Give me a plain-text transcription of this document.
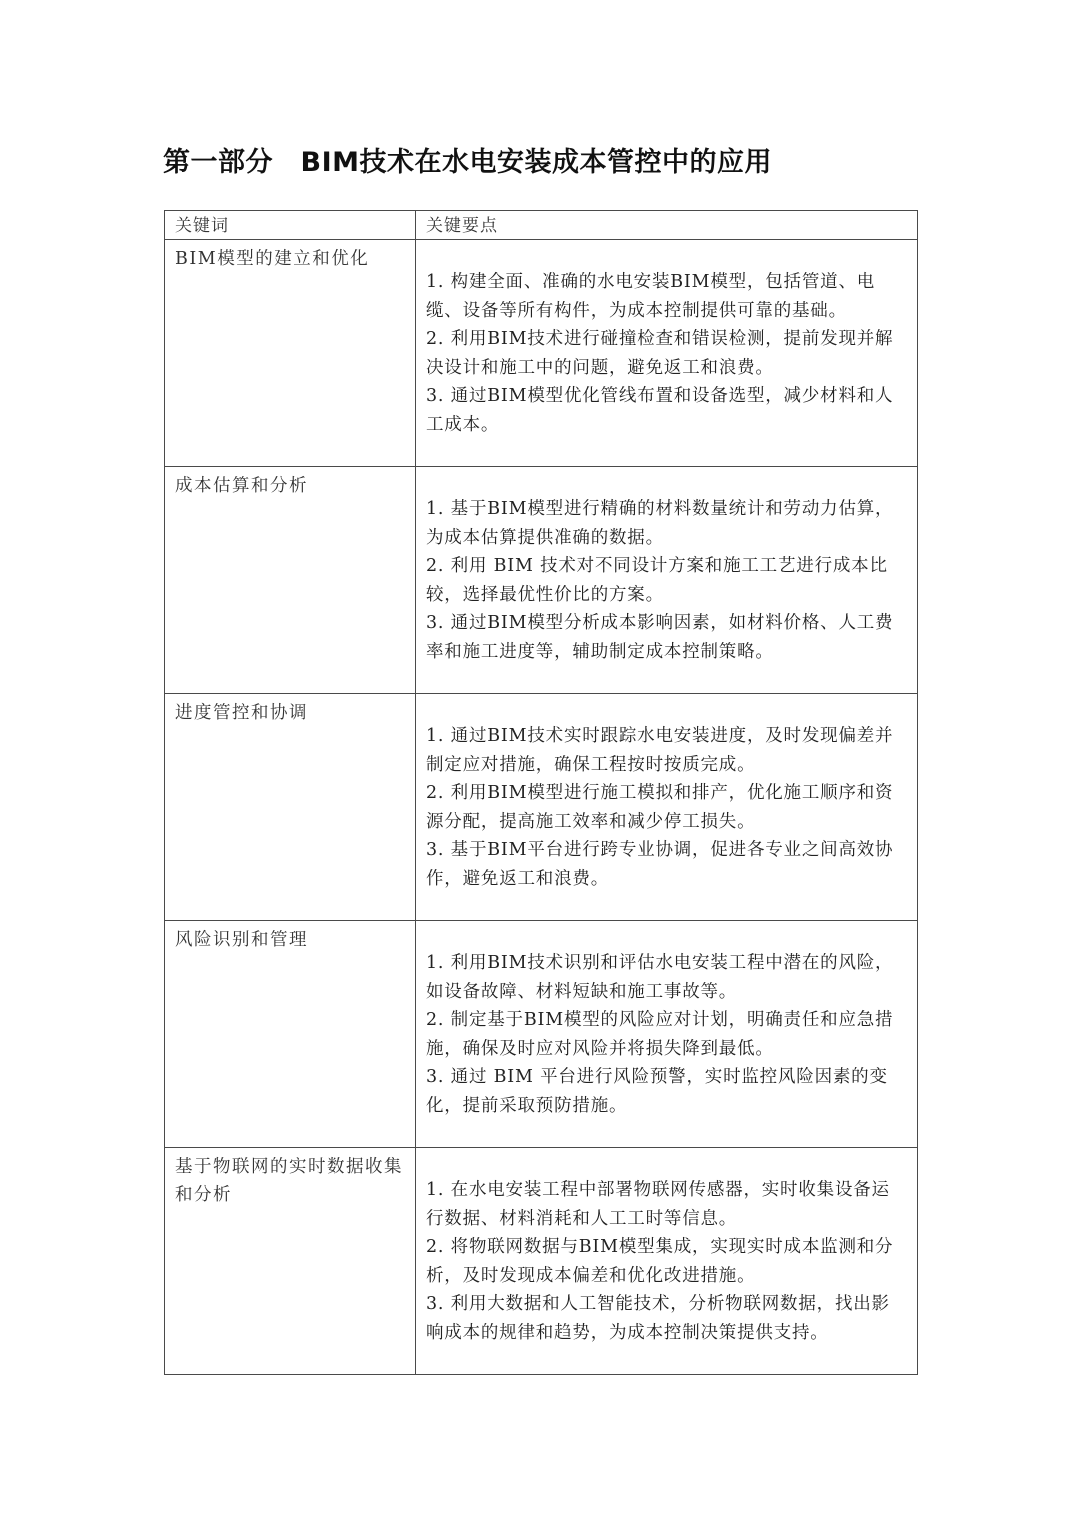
第一部分　BIM技术在水电安装成本管控中的应用
关键词	关键要点
BIM模型的建立和优化	1. 构建全面、准确的水电安装BIM模型，包括管道、电缆、设备等所有构件，为成本控制提供可靠的基础。

2. 利用BIM技术进行碰撞检查和错误检测，提前发现并解决设计和施工中的问题，避免返工和浪费。

3. 通过BIM模型优化管线布置和设备选型，减少材料和人工成本。

成本估算和分析	1. 基于BIM模型进行精确的材料数量统计和劳动力估算，为成本估算提供准确的数据。

2. 利用 BIM 技术对不同设计方案和施工工艺进行成本比较，选择最优性价比的方案。

3. 通过BIM模型分析成本影响因素，如材料价格、人工费率和施工进度等，辅助制定成本控制策略。

进度管控和协调	1. 通过BIM技术实时跟踪水电安装进度，及时发现偏差并制定应对措施，确保工程按时按质完成。

2. 利用BIM模型进行施工模拟和排产，优化施工顺序和资源分配，提高施工效率和减少停工损失。

3. 基于BIM平台进行跨专业协调，促进各专业之间高效协作，避免返工和浪费。

风险识别和管理	1. 利用BIM技术识别和评估水电安装工程中潜在的风险，如设备故障、材料短缺和施工事故等。

2. 制定基于BIM模型的风险应对计划，明确责任和应急措施，确保及时应对风险并将损失降到最低。

3. 通过 BIM 平台进行风险预警，实时监控风险因素的变化，提前采取预防措施。

基于物联网的实时数据收集和分析	1. 在水电安装工程中部署物联网传感器，实时收集设备运行数据、材料消耗和人工工时等信息。

2. 将物联网数据与BIM模型集成，实现实时成本监测和分析，及时发现成本偏差和优化改进措施。

3. 利用大数据和人工智能技术，分析物联网数据，找出影响成本的规律和趋势，为成本控制决策提供支持。
